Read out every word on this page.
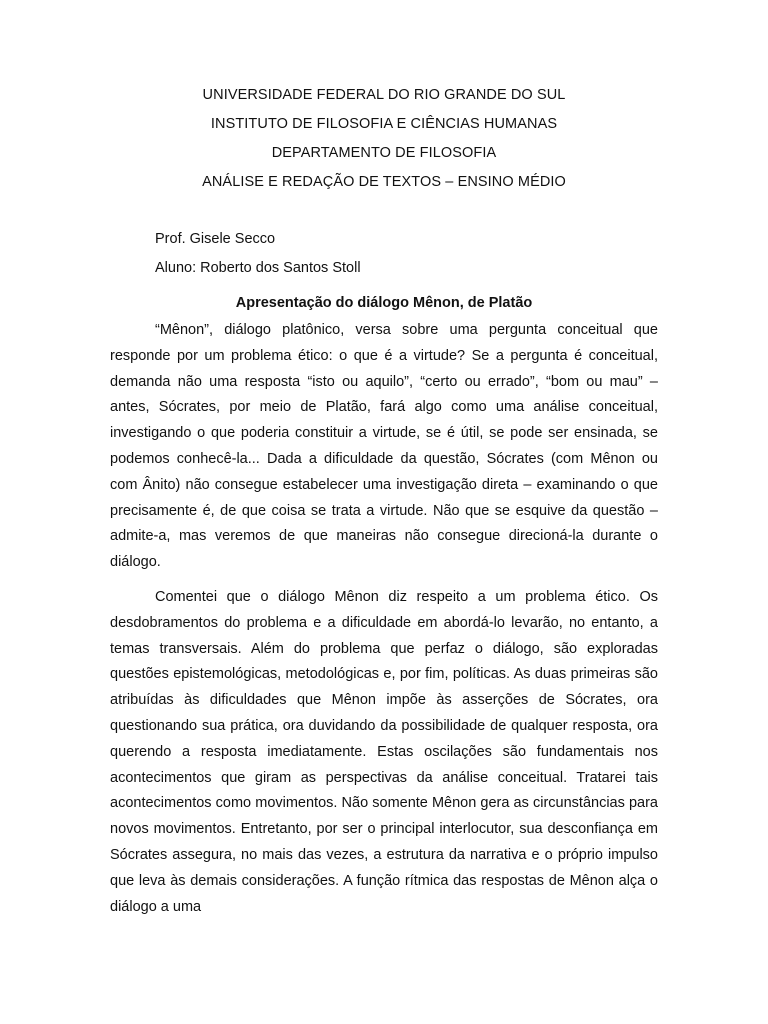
UNIVERSIDADE FEDERAL DO RIO GRANDE DO SUL
INSTITUTO DE FILOSOFIA E CIÊNCIAS HUMANAS
DEPARTAMENTO DE FILOSOFIA
ANÁLISE E REDAÇÃO DE TEXTOS – ENSINO MÉDIO
Prof. Gisele Secco
Aluno: Roberto dos Santos Stoll
Apresentação do diálogo Mênon, de Platão

“Mênon”, diálogo platônico, versa sobre uma pergunta conceitual que responde por um problema ético: o que é a virtude? Se a pergunta é conceitual, demanda não uma resposta “isto ou aquilo”, “certo ou errado”, “bom ou mau” – antes, Sócrates, por meio de Platão, fará algo como uma análise conceitual, investigando o que poderia constituir a virtude, se é útil, se pode ser ensinada, se podemos conhecê-la... Dada a dificuldade da questão, Sócrates (com Mênon ou com Ânito) não consegue estabelecer uma investigação direta – examinando o que precisamente é, de que coisa se trata a virtude. Não que se esquive da questão – admite-a, mas veremos de que maneiras não consegue direcioná-la durante o diálogo.

Comentei que o diálogo Mênon diz respeito a um problema ético. Os desdobramentos do problema e a dificuldade em abordá-lo levarão, no entanto, a temas transversais. Além do problema que perfaz o diálogo, são exploradas questões epistemológicas, metodológicas e, por fim, políticas. As duas primeiras são atribuídas às dificuldades que Mênon impõe às asserções de Sócrates, ora questionando sua prática, ora duvidando da possibilidade de qualquer resposta, ora querendo a resposta imediatamente. Estas oscilações são fundamentais nos acontecimentos que giram as perspectivas da análise conceitual. Tratarei tais acontecimentos como movimentos. Não somente Mênon gera as circunstâncias para novos movimentos. Entretanto, por ser o principal interlocutor, sua desconfiança em Sócrates assegura, no mais das vezes, a estrutura da narrativa e o próprio impulso que leva às demais considerações. A função rítmica das respostas de Mênon alça o diálogo a uma
